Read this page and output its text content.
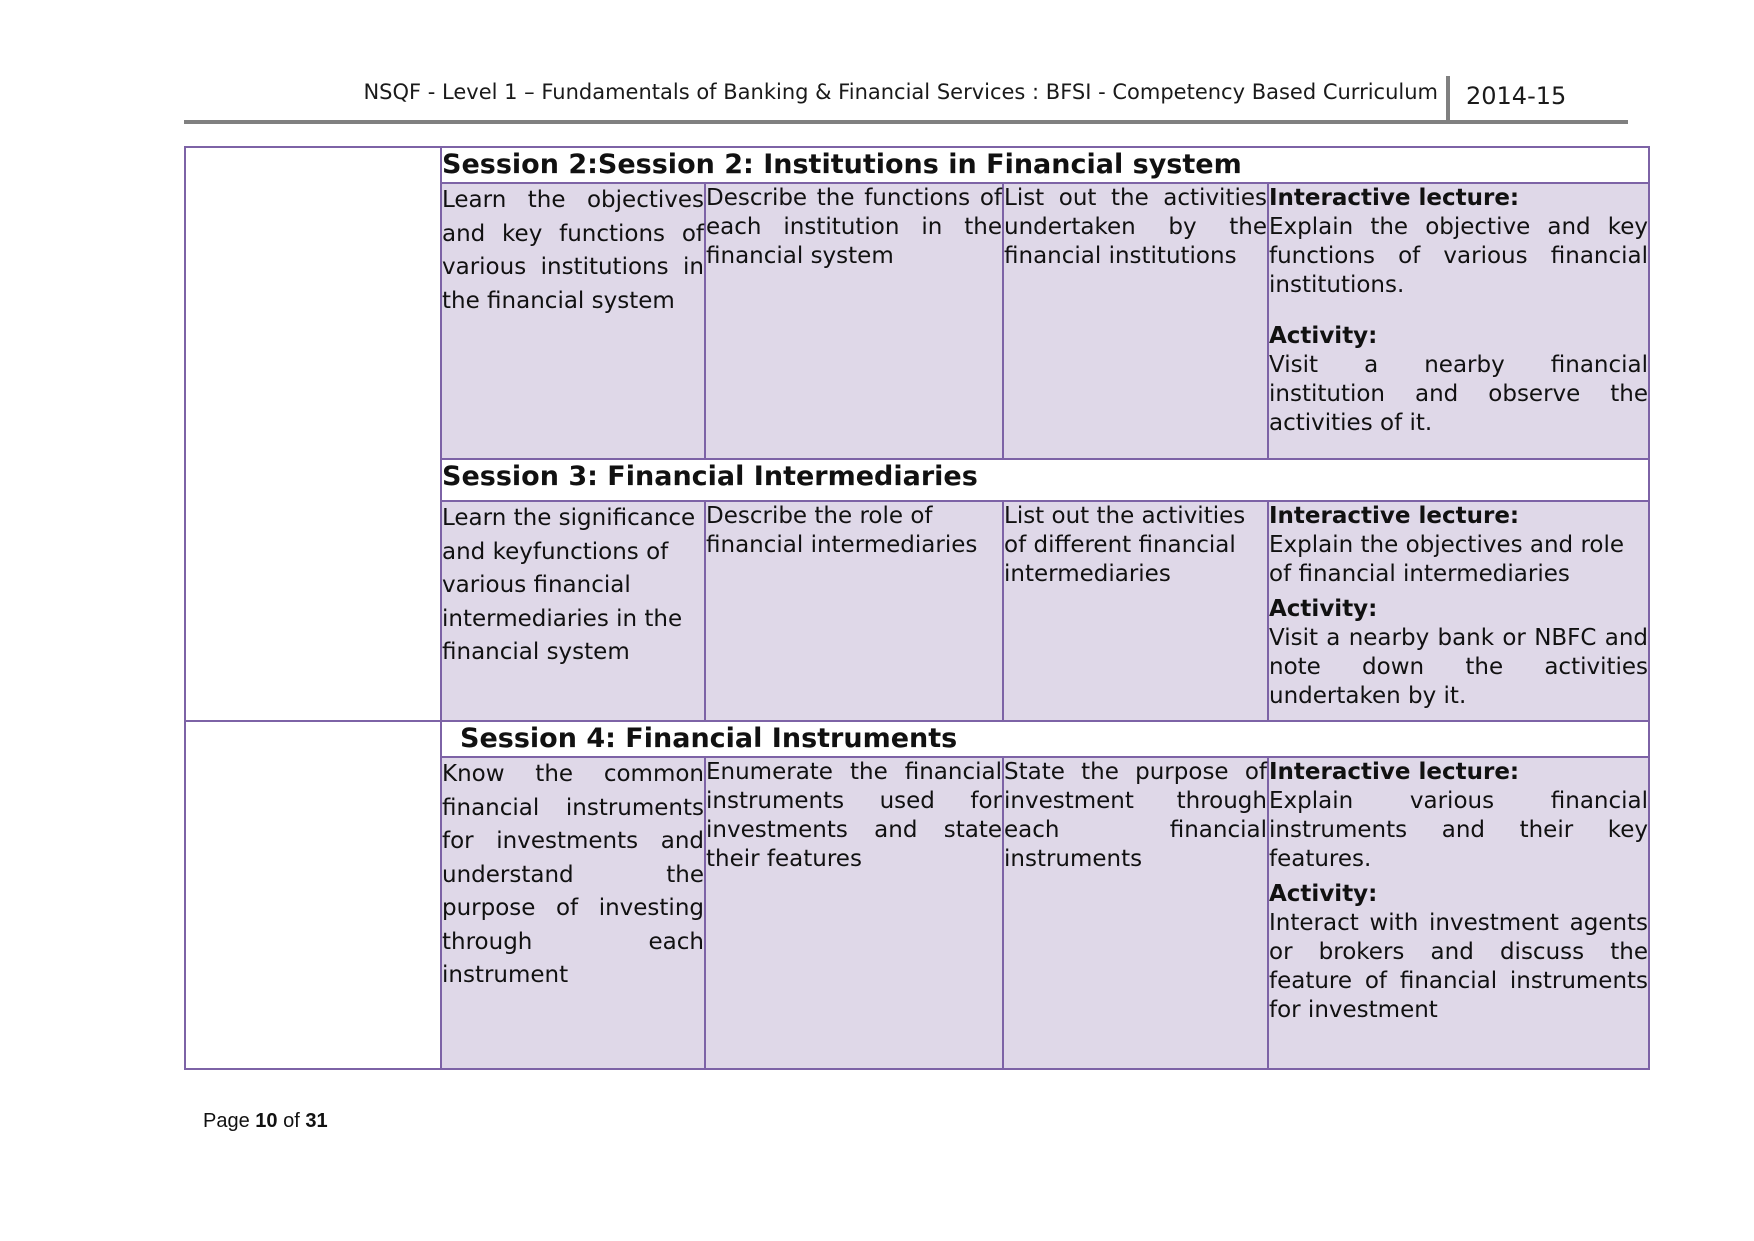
NSQF - Level 1 – Fundamentals of Banking & Financial Services : BFSI - Competency Based Curriculum 2014-15
	Session 2:Session 2: Institutions in Financial system			
	Learn the objectives and key functions of various institutions in the financial system	Describe the functions of each institution in the financial system	List out the activities undertaken by the financial institutions	Interactive lecture:

Explain the objective and key functions of various financial institutions.

Activity:

Visit a nearby financial institution and observe the activities of it.

	Session 3: Financial Intermediaries			
	Learn the significance and keyfunctions of various financial intermediaries in the financial system	Describe the role of financial intermediaries	List out the activities of different financial intermediaries	Interactive lecture:

Explain the objectives and role of financial intermediaries

Activity:

Visit a nearby bank or NBFC and note down the activities undertaken by it.

	Session 4: Financial Instruments			
	Know the common financial instruments for investments and understand the purpose of investing through each instrument	Enumerate the financial instruments used for investments and state their features	State the purpose of investment through each financial instruments	Interactive lecture:

Explain various financial instruments and their key features.

Activity:

Interact with investment agents or brokers and discuss the feature of financial instruments for investment

Page 10 of 31
